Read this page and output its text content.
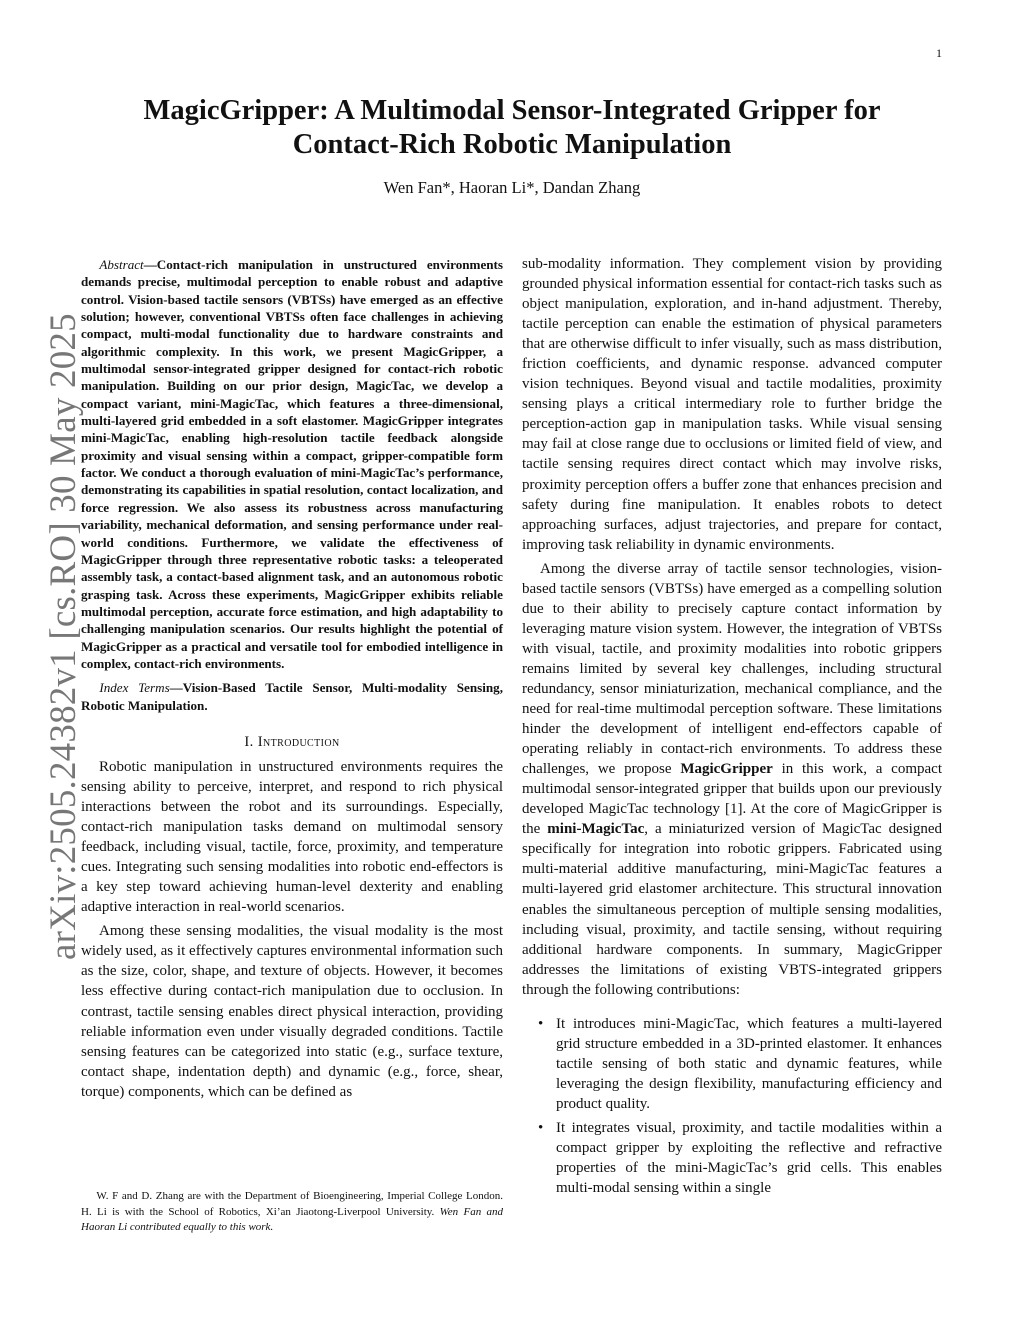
1
arXiv:2505.24382v1 [cs.RO] 30 May 2025
MagicGripper: A Multimodal Sensor-Integrated Gripper for
Contact-Rich Robotic Manipulation
Wen Fan*, Haoran Li*, Dandan Zhang

Abstract—Contact-rich manipulation in unstructured environments demands precise, multimodal perception to enable robust and adaptive control. Vision-based tactile sensors (VBTSs) have emerged as an effective solution; however, conventional VBTSs often face challenges in achieving compact, multi-modal functionality due to hardware constraints and algorithmic complexity. In this work, we present MagicGripper, a multimodal sensor-integrated gripper designed for contact-rich robotic manipulation. Building on our prior design, MagicTac, we develop a compact variant, mini-MagicTac, which features a three-dimensional, multi-layered grid embedded in a soft elastomer. MagicGripper integrates mini-MagicTac, enabling high-resolution tactile feedback alongside proximity and visual sensing within a compact, gripper-compatible form factor. We conduct a thorough evaluation of mini-MagicTac’s performance, demonstrating its capabilities in spatial resolution, contact localization, and force regression. We also assess its robustness across manufacturing variability, mechanical deformation, and sensing performance under real-world conditions. Furthermore, we validate the effectiveness of MagicGripper through three representative robotic tasks: a teleoperated assembly task, a contact-based alignment task, and an autonomous robotic grasping task. Across these experiments, MagicGripper exhibits reliable multimodal perception, accurate force estimation, and high adaptability to challenging manipulation scenarios. Our results highlight the potential of MagicGripper as a practical and versatile tool for embodied intelligence in complex, contact-rich environments.

Index Terms—Vision-Based Tactile Sensor, Multi-modality Sensing, Robotic Manipulation.

I. Introduction

Robotic manipulation in unstructured environments requires the sensing ability to perceive, interpret, and respond to rich physical interactions between the robot and its surroundings. Especially, contact-rich manipulation tasks demand on multimodal sensory feedback, including visual, tactile, force, proximity, and temperature cues. Integrating such sensing modalities into robotic end-effectors is a key step toward achieving human-level dexterity and enabling adaptive interaction in real-world scenarios.

Among these sensing modalities, the visual modality is the most widely used, as it effectively captures environmental information such as the size, color, shape, and texture of objects. However, it becomes less effective during contact-rich manipulation due to occlusion. In contrast, tactile sensing enables direct physical interaction, providing reliable information even under visually degraded conditions. Tactile sensing features can be categorized into static (e.g., surface texture, contact shape, indentation depth) and dynamic (e.g., force, shear, torque) components, which can be defined as

W. F and D. Zhang are with the Department of Bioengineering, Imperial College London. H. Li is with the School of Robotics, Xi’an Jiaotong-Liverpool University. Wen Fan and Haoran Li contributed equally to this work.

sub-modality information. They complement vision by providing grounded physical information essential for contact-rich tasks such as object manipulation, exploration, and in-hand adjustment. Thereby, tactile perception can enable the estimation of physical parameters that are otherwise difficult to infer visually, such as mass distribution, friction coefficients, and dynamic response. advanced computer vision techniques. Beyond visual and tactile modalities, proximity sensing plays a critical intermediary role to further bridge the perception-action gap in manipulation tasks. While visual sensing may fail at close range due to occlusions or limited field of view, and tactile sensing requires direct contact which may involve risks, proximity perception offers a buffer zone that enhances precision and safety during fine manipulation. It enables robots to detect approaching surfaces, adjust trajectories, and prepare for contact, improving task reliability in dynamic environments.

Among the diverse array of tactile sensor technologies, vision-based tactile sensors (VBTSs) have emerged as a compelling solution due to their ability to precisely capture contact information by leveraging mature vision system. However, the integration of VBTSs with visual, tactile, and proximity modalities into robotic grippers remains limited by several key challenges, including structural redundancy, sensor miniaturization, mechanical compliance, and the need for real-time multimodal perception software. These limitations hinder the development of intelligent end-effectors capable of operating reliably in contact-rich environments. To address these challenges, we propose MagicGripper in this work, a compact multimodal sensor-integrated gripper that builds upon our previously developed MagicTac technology [1]. At the core of MagicGripper is the mini-MagicTac, a miniaturized version of MagicTac designed specifically for integration into robotic grippers. Fabricated using multi-material additive manufacturing, mini-MagicTac features a multi-layered grid elastomer architecture. This structural innovation enables the simultaneous perception of multiple sensing modalities, including visual, proximity, and tactile sensing, without requiring additional hardware components. In summary, MagicGripper addresses the limitations of existing VBTS-integrated grippers through the following contributions:

• It introduces mini-MagicTac, which features a multi-layered grid structure embedded in a 3D-printed elastomer. It enhances tactile sensing of both static and dynamic features, while leveraging the design flexibility, manufacturing efficiency and product quality.
• It integrates visual, proximity, and tactile modalities within a compact gripper by exploiting the reflective and refractive properties of the mini-MagicTac’s grid cells. This enables multi-modal sensing within a single
